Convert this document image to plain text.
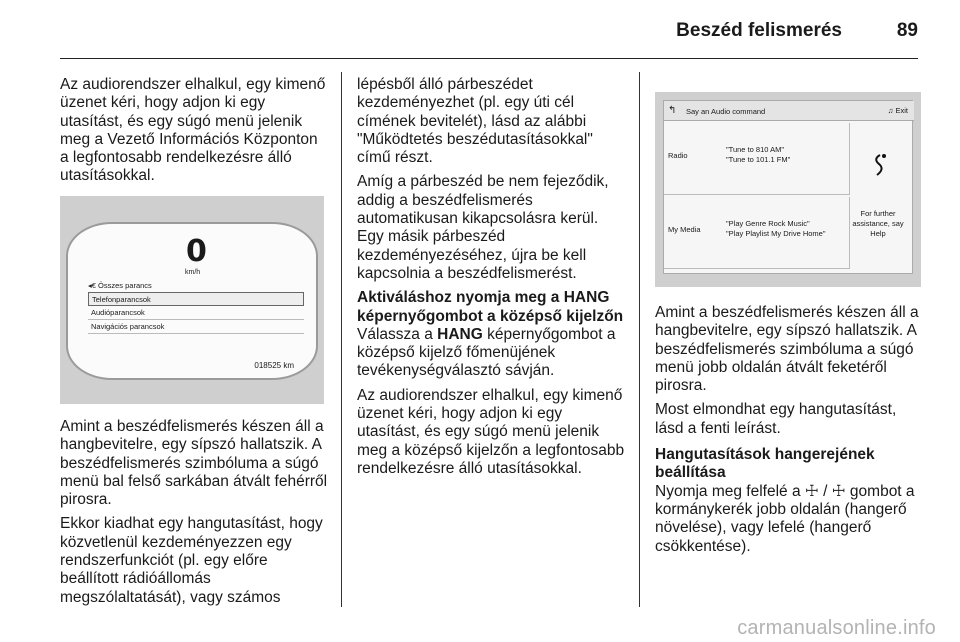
Beszéd felismerés	89

Az audiorendszer elhalkul, egy kimenő üzenet kéri, hogy adjon ki egy utasítást, és egy súgó menü jelenik meg a Vezető Információs Központon a legfontosabb rendelkezésre álló utasításokkal.

0
km/h
◂€ Összes parancs
Telefonparancsok
Audióparancsok
Navigációs parancsok
018525 km

Amint a beszédfelismerés készen áll a hangbevitelre, egy sípszó hallatszik. A beszédfelismerés szimbóluma a súgó menü bal felső sarkában átvált fehérről pirosra.

Ekkor kiadhat egy hangutasítást, hogy közvetlenül kezdeményezzen egy rendszerfunkciót (pl. egy előre beállított rádióállomás megszólaltatását), vagy számos

lépésből álló párbeszédet kezdeményezhet (pl. egy úti cél címének bevitelét), lásd az alábbi "Működtetés beszédutasításokkal" című részt.

Amíg a párbeszéd be nem fejeződik, addig a beszédfelismerés automatikusan kikapcsolásra kerül. Egy másik párbeszéd kezdeményezéséhez, újra be kell kapcsolnia a beszédfelismerést.

Aktiváláshoz nyomja meg a HANG képernyőgombot a középső kijelzőn

Válassza a HANG képernyőgombot a középső kijelző főmenüjének tevékenységválasztó sávján.

Az audiorendszer elhalkul, egy kimenő üzenet kéri, hogy adjon ki egy utasítást, és egy súgó menü jelenik meg a középső kijelzőn a legfontosabb rendelkezésre álló utasításokkal.

↰ Say an Audio command	♫ Exit
Radio
"Tune to 810 AM"
"Tune to 101.1 FM"
My Media
"Play Genre Rock Music"
"Play Playlist My Drive Home"
For further assistance, say Help

Amint a beszédfelismerés készen áll a hangbevitelre, egy sípszó hallatszik. A beszédfelismerés szimbóluma a súgó menü jobb oldalán átvált feketéről pirosra.

Most elmondhat egy hangutasítást, lásd a fenti leírást.

Hangutasítások hangerejének beállítása

Nyomja meg felfelé a ☩ / ☩ gombot a kormánykerék jobb oldalán (hangerő növelése), vagy lefelé (hangerő csökkentése).

carmanualsonline.info
